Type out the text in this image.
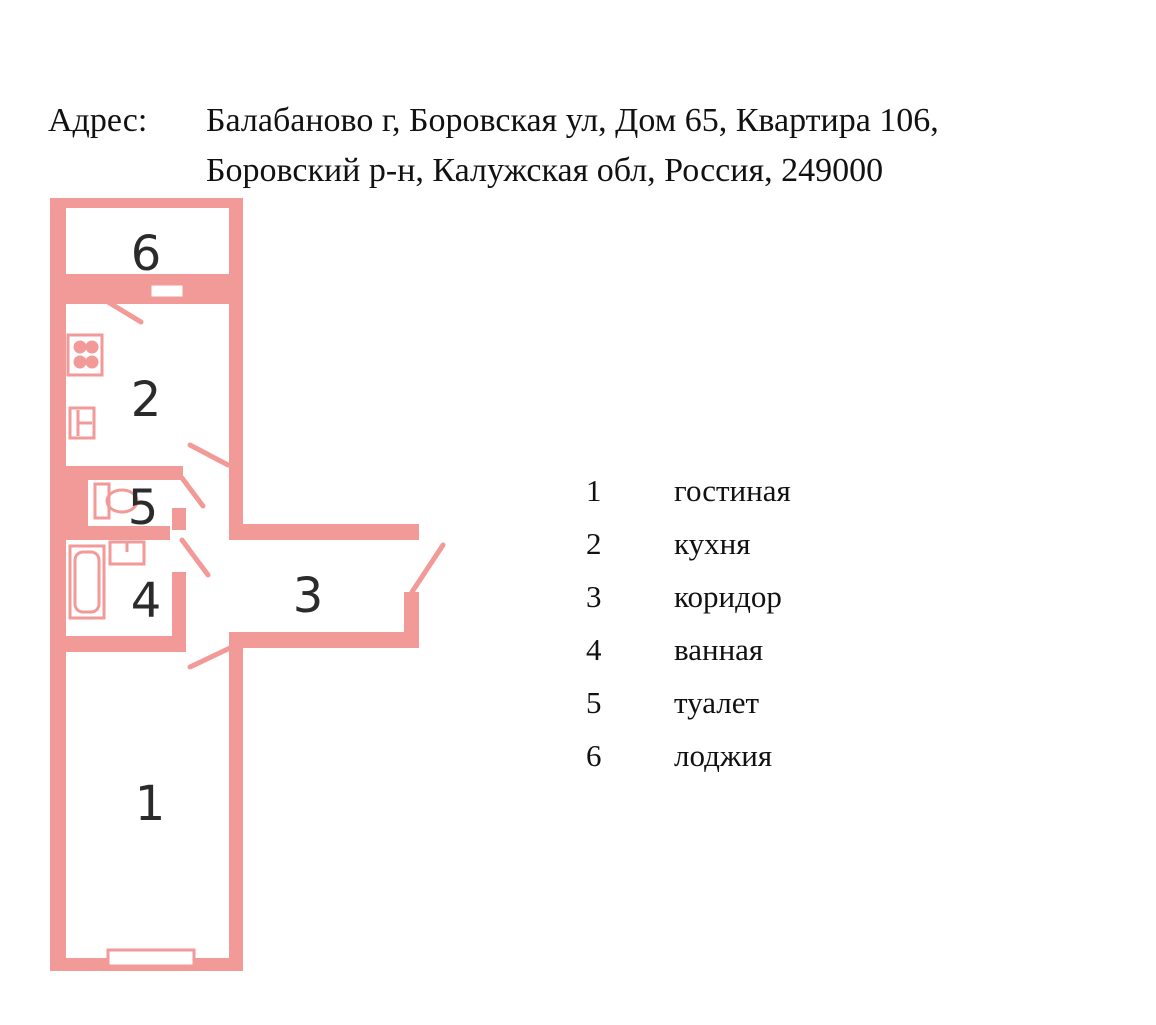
Адрес: Балабаново г, Боровская ул, Дом 65, Квартира 106,
Боровский р-н, Калужская обл, Россия, 249000
6
2
5
4	3
1
1 гостиная
2 кухня
3 коридор
4 ванная
5 туалет
6 лоджия
